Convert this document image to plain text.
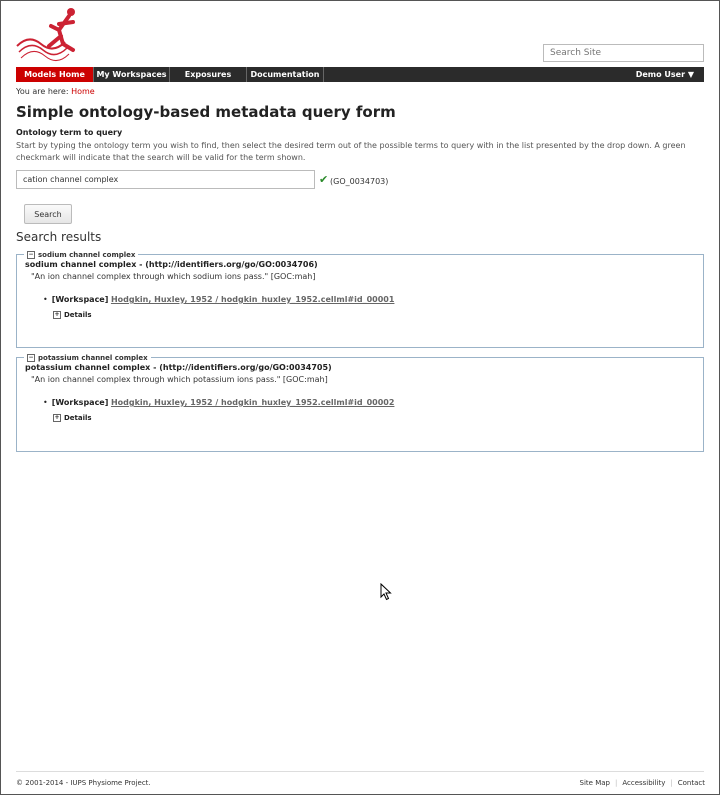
Search Site
Models Home	My Workspaces	Exposures	Documentation	Demo User ▼
You are here: Home
Simple ontology-based metadata query form
Ontology term to query
Start by typing the ontology term you wish to find, then select the desired term out of the possible terms to query with in the list presented by the drop down. A green checkmark will indicate that the search will be valid for the term shown.
cation channel complex
✔ (GO_0034703)
Search
Search results
− sodium channel complex
sodium channel complex - (http://identifiers.org/go/GO:0034706)
"An ion channel complex through which sodium ions pass." [GOC:mah]
• [Workspace] Hodgkin, Huxley, 1952 / hodgkin_huxley_1952.cellml#id_00001
+ Details
− potassium channel complex
potassium channel complex - (http://identifiers.org/go/GO:0034705)
"An ion channel complex through which potassium ions pass." [GOC:mah]
• [Workspace] Hodgkin, Huxley, 1952 / hodgkin_huxley_1952.cellml#id_00002
+ Details
© 2001-2014 - IUPS Physiome Project.	Site Map | Accessibility | Contact
